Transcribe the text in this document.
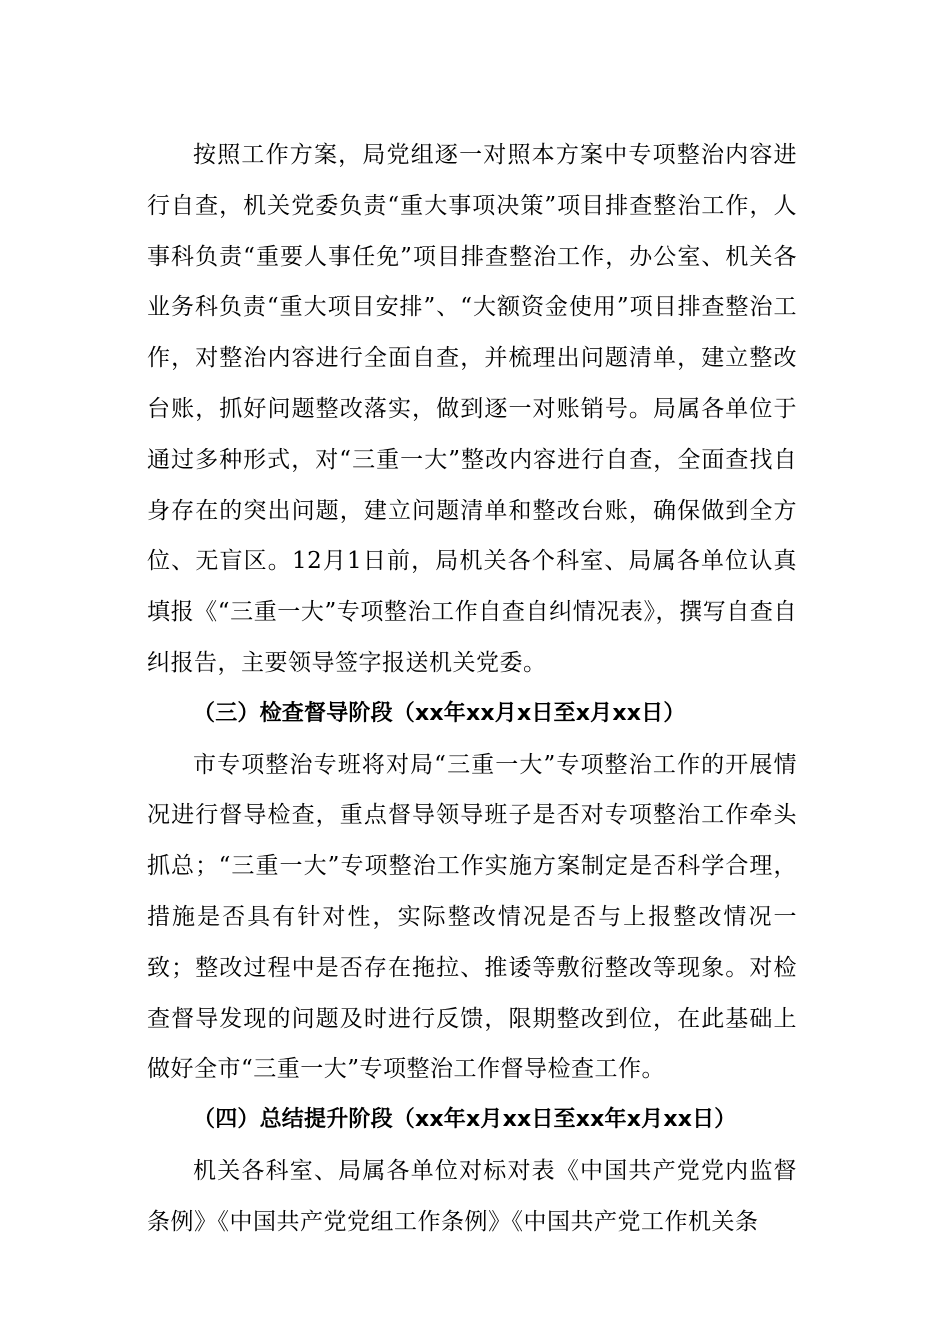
按照工作方案，局党组逐一对照本方案中专项整治内容进行自查，机关党委负责“重大事项决策”项目排查整治工作，人事科负责“重要人事任免”项目排查整治工作，办公室、机关各业务科负责“重大项目安排”、“大额资金使用”项目排查整治工作，对整治内容进行全面自查，并梳理出问题清单，建立整改台账，抓好问题整改落实，做到逐一对账销号。局属各单位于通过多种形式，对“三重一大”整改内容进行自查，全面查找自身存在的突出问题，建立问题清单和整改台账，确保做到全方位、无盲区。12月1日前，局机关各个科室、局属各单位认真填报《“三重一大”专项整治工作自查自纠情况表》，撰写自查自纠报告，主要领导签字报送机关党委。

（三）检查督导阶段（xx年xx月x日至x月xx日）

市专项整治专班将对局“三重一大”专项整治工作的开展情况进行督导检查，重点督导领导班子是否对专项整治工作牵头抓总；“三重一大”专项整治工作实施方案制定是否科学合理，措施是否具有针对性，实际整改情况是否与上报整改情况一致；整改过程中是否存在拖拉、推诿等敷衍整改等现象。对检查督导发现的问题及时进行反馈，限期整改到位，在此基础上做好全市“三重一大”专项整治工作督导检查工作。

（四）总结提升阶段（xx年x月xx日至xx年x月xx日）

机关各科室、局属各单位对标对表《中国共产党党内监督条例》《中国共产党党组工作条例》《中国共产党工作机关条
